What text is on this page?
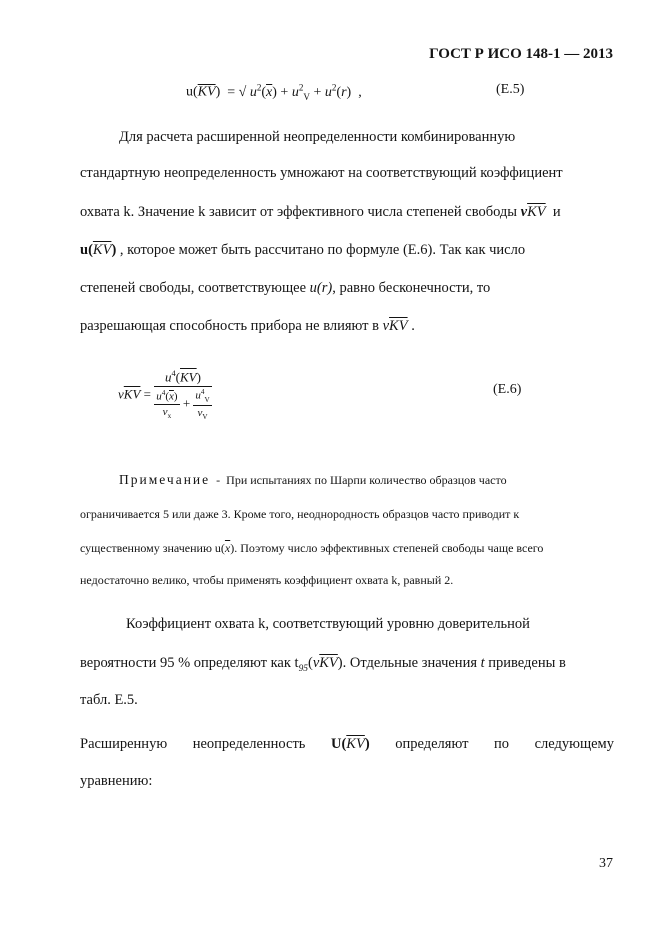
ГОСТ Р ИСО 148-1 — 2013
$u(\overline{KV})$  = √ $u^2(\overline{x}) + u^2_V + u^2(r)$  ,	(Е.5)
Для расчета расширенной неопределенности комбинированную
стандартную неопределенность умножают на соответствующий коэффициент
охвата k. Значение k зависит от эффективного числа степеней свободы $\nu\overline{KV}$ и
$u(\overline{KV})$ , которое может быть рассчитано по формуле (Е.6). Так как число
степеней свободы, соответствующее u(r), равно бесконечности, то
разрешающая способность прибора не влияют в $\nu\overline{KV}$ .
$\nu\overline{KV}$ =
$u^4(\overline{KV})$
$\frac{u^4(\overline{x})}{\nu_x} + \frac{u^4_V}{\nu_V}$	(Е.6)
Примечание - При испытаниях по Шарпи количество образцов часто
ограничивается 5 или даже 3. Кроме того, неоднородность образцов часто приводит к
существенному значению $u(\overline{x})$. Поэтому число эффективных степеней свободы чаще всего
недостаточно велико, чтобы применять коэффициент охвата k, равный 2.
Коэффициент охвата k, соответствующий уровню доверительной
вероятности 95 % определяют как $t_{95}(\nu\overline{KV})$. Отдельные значения t приведены в
табл. Е.5.
Расширенную неопределенность $U(\overline{KV})$ определяют по следующему
уравнению:
37
